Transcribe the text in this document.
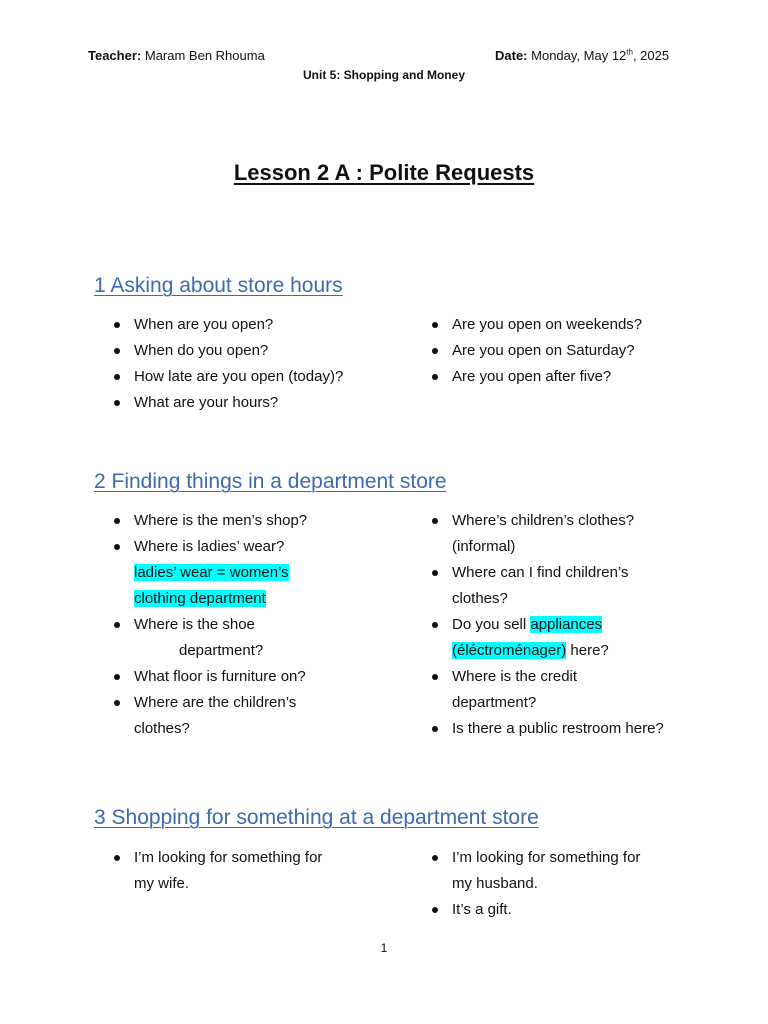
Teacher: Maram Ben Rhouma	Date: Monday, May 12th, 2025
Unit 5: Shopping and Money
Lesson 2 A : Polite Requests
1 Asking about store hours
When are you open?
When do you open?
How late are you open (today)?
What are your hours?
Are you open on weekends?
Are you open on Saturday?
Are you open after five?
2 Finding things in a department store
Where is the men’s shop?
Where is ladies’ wear?
ladies’ wear = women’s
clothing department
Where is the shoe
department?
What floor is furniture on?
Where are the children’s
clothes?
Where’s children’s clothes?
(informal)
Where can I find children’s
clothes?
Do you sell appliances
(éléctroménager) here?
Where is the credit
department?
Is there a public restroom here?
3 Shopping for something at a department store
I’m looking for something for
my wife.
I’m looking for something for
my husband.
It’s a gift.
1
